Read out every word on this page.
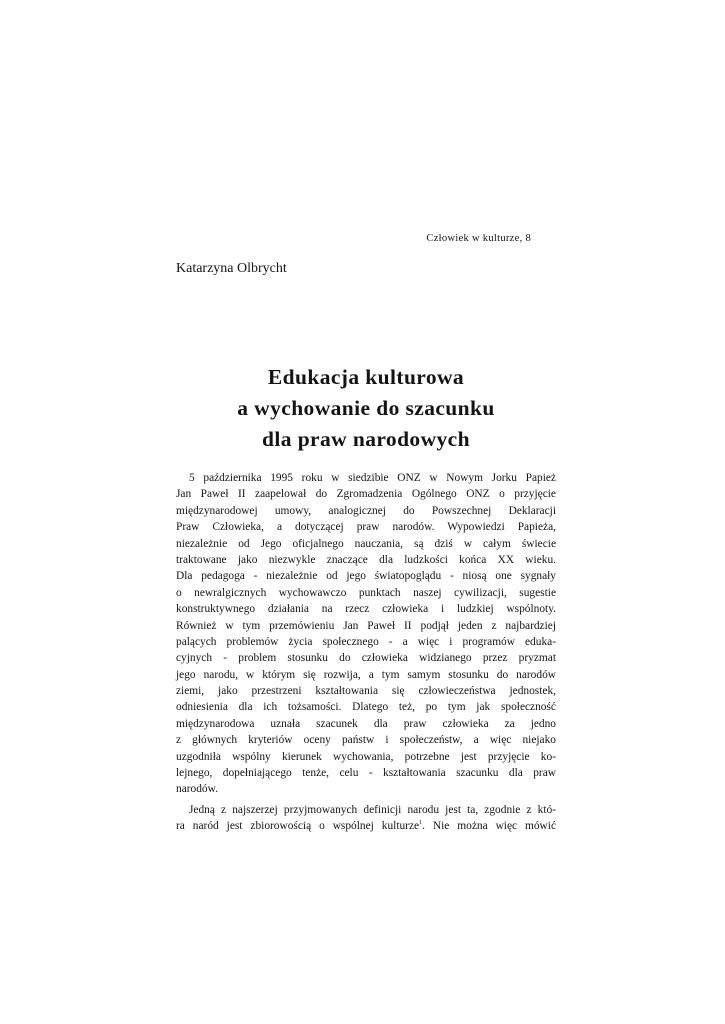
Człowiek w kulturze, 8
Katarzyna Olbrycht
Edukacja kulturowa
a wychowanie do szacunku
dla praw narodowych

5 października 1995 roku w siedzibie ONZ w Nowym Jorku Papież
Jan Paweł II zaapelował do Zgromadzenia Ogólnego ONZ o przyjęcie
międzynarodowej umowy, analogicznej do Powszechnej Deklaracji
Praw Człowieka, a dotyczącej praw narodów. Wypowiedzi Papieża,
niezależnie od Jego oficjalnego nauczania, są dziś w całym świecie
traktowane jako niezwykle znaczące dla ludzkości końca XX wieku.
Dla pedagoga - niezależnie od jego światopoglądu - niosą one sygnały
o newralgicznych wychowawczo punktach naszej cywilizacji, sugestie
konstruktywnego działania na rzecz człowieka i ludzkiej wspólnoty.
Również w tym przemówieniu Jan Paweł II podjął jeden z najbardziej
palących problemów życia społecznego - a więc i programów eduka-
cyjnych - problem stosunku do człowieka widzianego przez pryzmat
jego narodu, w którym się rozwija, a tym samym stosunku do narodów
ziemi, jako przestrzeni kształtowania się człowieczeństwa jednostek,
odniesienia dla ich tożsamości. Dlatego też, po tym jak społeczność
międzynarodowa uznała szacunek dla praw człowieka za jedno
z głównych kryteriów oceny państw i społeczeństw, a więc niejako
uzgodniła wspólny kierunek wychowania, potrzebne jest przyjęcie ko-
lejnego, dopełniającego tenże, celu - kształtowania szacunku dla praw
narodów.

Jedną z najszerzej przyjmowanych definicji narodu jest ta, zgodnie z któ-
ra naród jest zbiorowością o wspólnej kulturze$^1$. Nie można więc mówić
